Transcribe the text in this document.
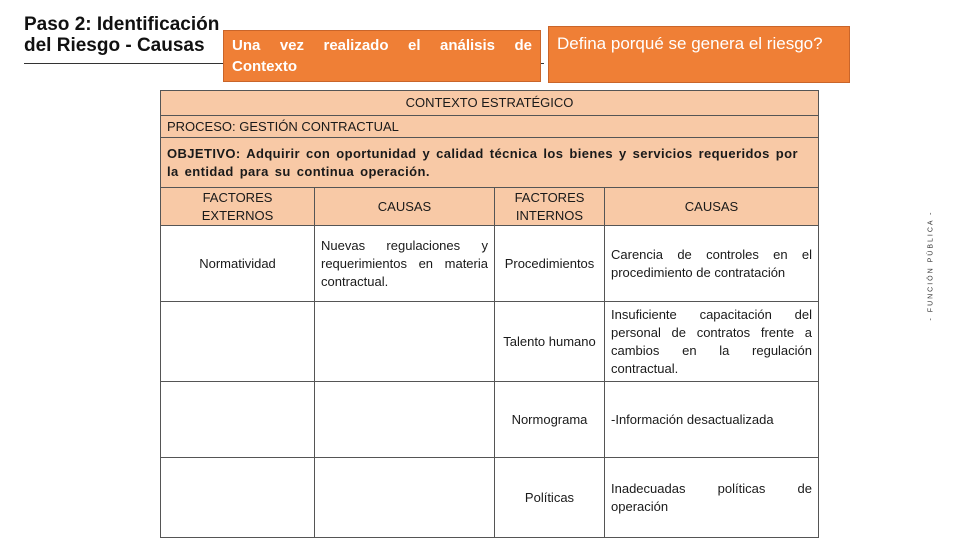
Paso 2: Identificación
del Riesgo - Causas	Una vez realizado el análisis de Contexto
Defina porqué se genera el riesgo?
CONTEXTO ESTRATÉGICO			
PROCESO: GESTIÓN CONTRACTUAL			
OBJETIVO: Adquirir con oportunidad y calidad técnica los bienes y servicios requeridos por la entidad para su continua operación.			
FACTORES EXTERNOS	CAUSAS	FACTORES INTERNOS	CAUSAS
Normatividad	Nuevas regulaciones y requerimientos en materia contractual.	Procedimientos	Carencia de controles en el procedimiento de contratación
		Talento humano	Insuficiente capacitación del personal de contratos frente a cambios en la regulación contractual.
		Normograma	-Información desactualizada
		Políticas	Inadecuadas políticas de operación
- FUNCIÓN PÚBLICA -
